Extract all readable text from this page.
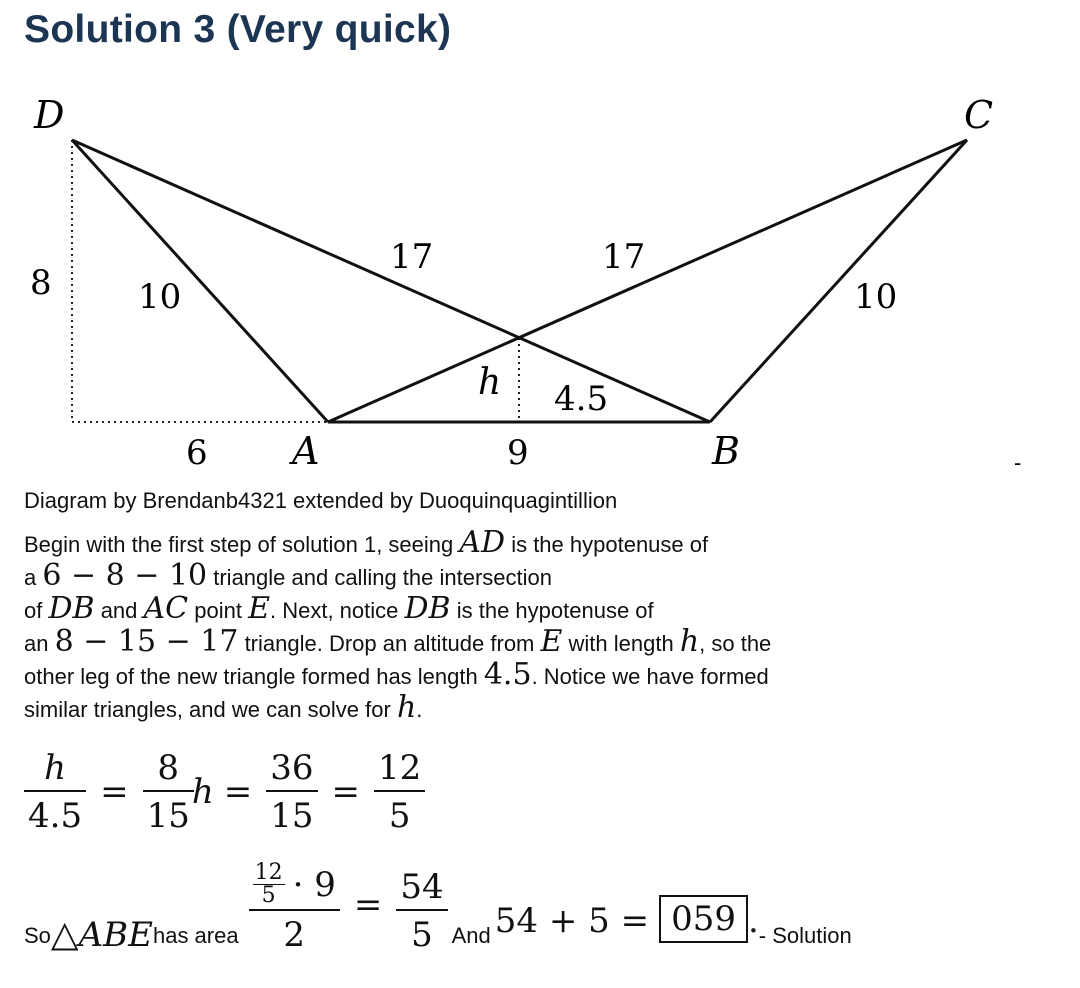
Solution 3 (Very quick)
D	C
A	B
8
6
10	10
17	17
9
h 4.5
-
Diagram by Brendanb4321 extended by Duoquinquagintillion
Begin with the first step of solution 1, seeing AD is the hypotenuse of
a 6 − 8 − 10 triangle and calling the intersection
of DB and AC point E. Next, notice DB is the hypotenuse of
an 8 − 15 − 17 triangle. Drop an altitude from E with length h, so the
other leg of the new triangle formed has length 4.5. Notice we have formed
similar triangles, and we can solve for h.
$\frac{h}{4.5} = \frac{8}{15}$
$h = \frac{36}{15} = \frac{12}{5}$
So △ ABE has area $\frac{\frac{12}{5} \cdot 9}{2} = \frac{54}{5}$ And 54 + 5 = 059 . - Solution
